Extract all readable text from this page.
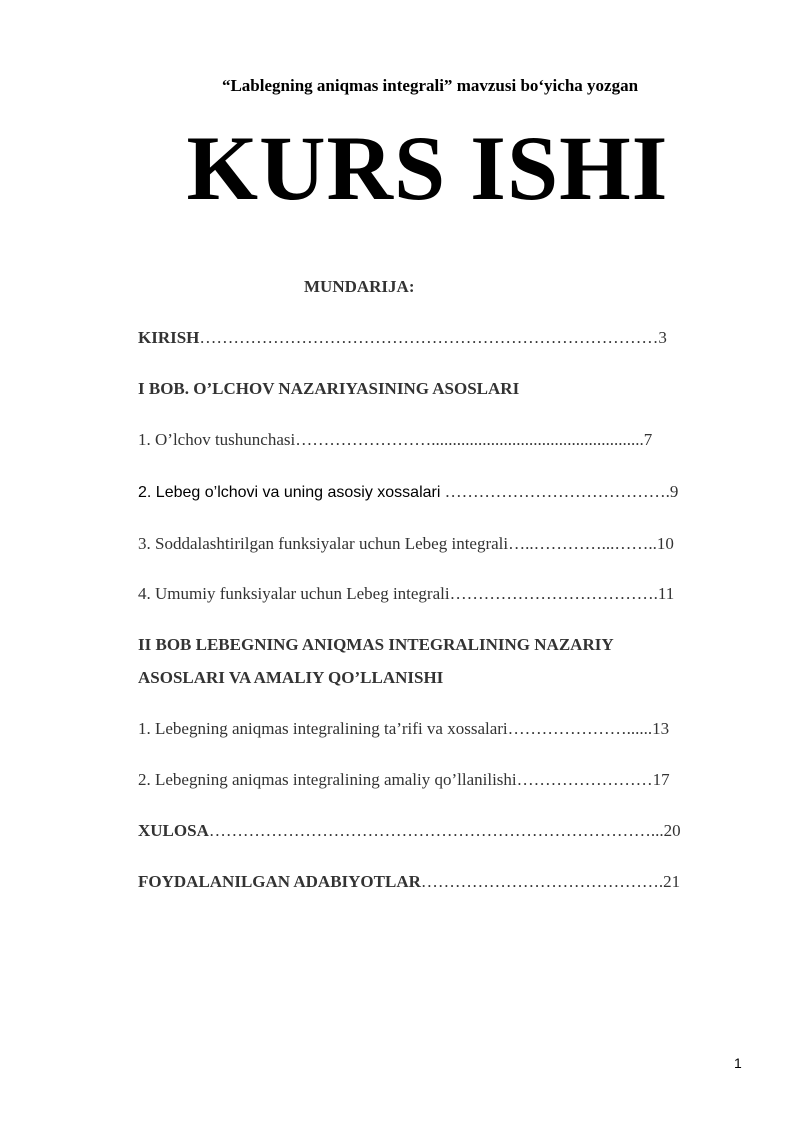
“Lablegning aniqmas integrali” mavzusi bo‘yicha yozgan
KURS ISHI
MUNDARIJA:
KIRISH………………………………………………………………………3
I BOB. O’LCHOV NAZARIYASINING ASOSLARI
1. O’lchov tushunchasi……………………..................................................7
2. Lebeg o’lchovi va uning asosiy xossalari ………………………………….9
3. Soddalashtirilgan funksiyalar uchun Lebeg integrali…..…………...……..10
4. Umumiy funksiyalar uchun Lebeg integrali……………………………….11
II BOB LEBEGNING ANIQMAS INTEGRALINING NAZARIY
ASOSLARI VA AMALIY QO’LLANISHI
1. Lebegning aniqmas integralining ta’rifi va xossalari…………………......13
2. Lebegning aniqmas integralining amaliy qo’llanilishi……………………17
XULOSA……………………………………………………………………...20
FOYDALANILGAN ADABIYOTLAR…………………………………….21
1
